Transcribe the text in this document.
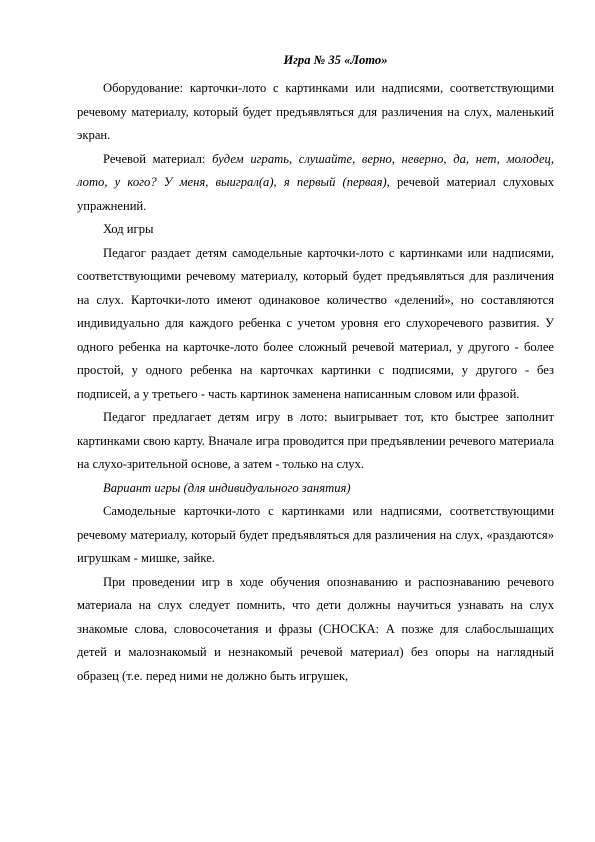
Игра № 35 «Лото»

Оборудование: карточки-лото с картинками или надписями, соответствующими речевому материалу, который будет предъявляться для различения на слух, маленький экран.

Речевой материал: будем играть, слушайте, верно, неверно, да, нет, молодец, лото, у кого? У меня, выиграл(а), я первый (первая), речевой материал слуховых упражнений.

Ход игры

Педагог раздает детям самодельные карточки-лото с картинками или надписями, соответствующими речевому материалу, который будет предъявляться для различения на слух. Карточки-лото имеют одинаковое количество «делений», но составляются индивидуально для каждого ребенка с учетом уровня его слухоречевого развития. У одного ребенка на карточке-лото более сложный речевой материал, у другого - более простой, у одного ребенка на карточках картинки с подписями, у другого - без подписей, а у третьего - часть картинок заменена написанным словом или фразой.

Педагог предлагает детям игру в лото: выигрывает тот, кто быстрее заполнит картинками свою карту. Вначале игра проводится при предъявлении речевого материала на слухо-зрительной основе, а затем - только на слух.

Вариант игры (для индивидуального занятия)

Самодельные карточки-лото с картинками или надписями, соответствующими речевому материалу, который будет предъявляться для различения на слух, «раздаются» игрушкам - мишке, зайке.

При проведении игр в ходе обучения опознаванию и распознаванию речевого материала на слух следует помнить, что дети должны научиться узнавать на слух знакомые слова, словосочетания и фразы (СНОСКА: А позже для слабослышащих детей и малознакомый и незнакомый речевой материал) без опоры на наглядный образец (т.е. перед ними не должно быть игрушек,
